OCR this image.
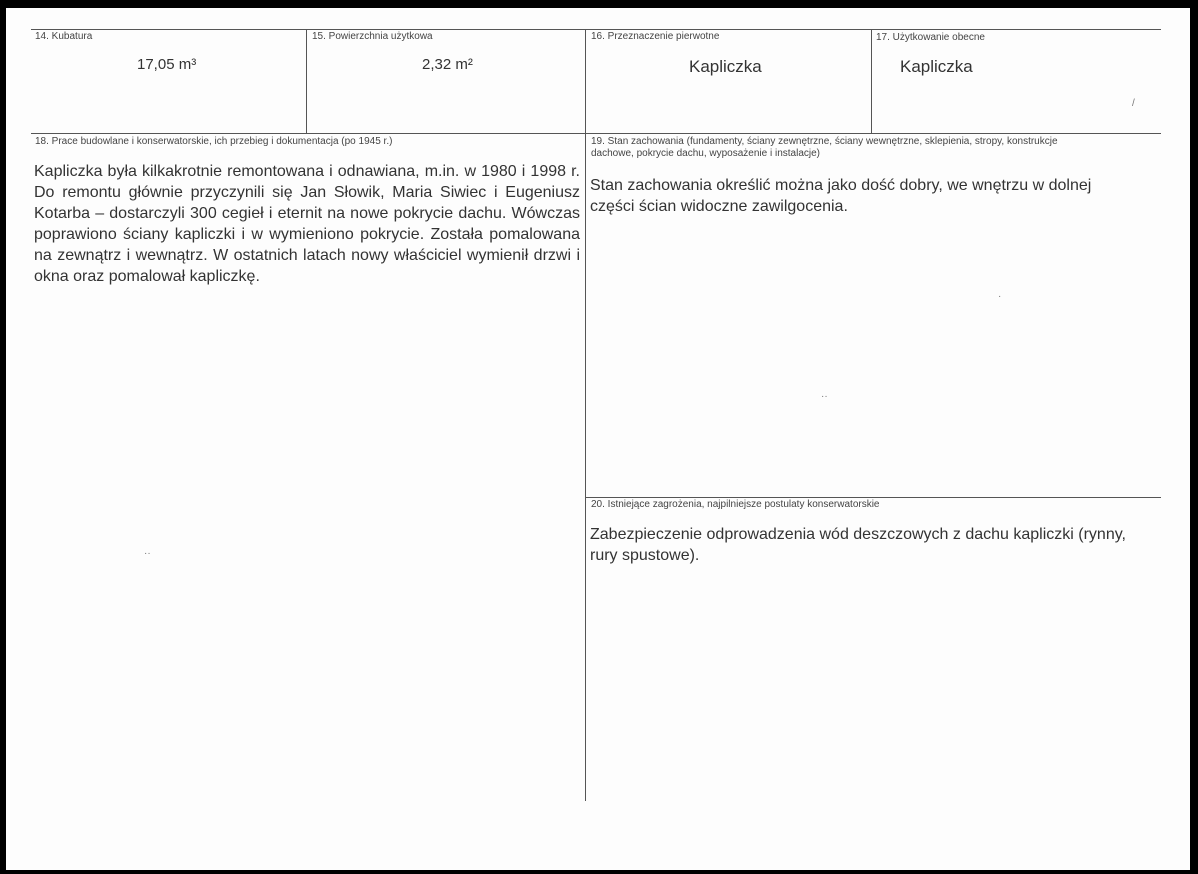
14. Kubatura
17,05 m³
15. Powierzchnia użytkowa
2,32 m²
16. Przeznaczenie pierwotne
Kapliczka
17. Użytkowanie obecne
Kapliczka
18. Prace budowlane i konserwatorskie, ich przebieg i dokumentacja (po 1945 r.)
Kapliczka była kilkakrotnie remontowana i odnawiana, m.in. w 1980 i 1998 r. Do remontu głównie przyczynili się Jan Słowik, Maria Siwiec i Eugeniusz Kotarba – dostarczyli 300 cegieł i eternit na nowe pokrycie dachu. Wówczas poprawiono ściany kapliczki i w wymieniono pokrycie. Została pomalowana na zewnątrz i wewnątrz. W ostatnich latach nowy właściciel wymienił drzwi i okna oraz pomalował kapliczkę.
19. Stan zachowania (fundamenty, ściany zewnętrzne, ściany wewnętrzne, sklepienia, stropy, konstrukcje dachowe, pokrycie dachu, wyposażenie i instalacje)
Stan zachowania określić można jako dość dobry, we wnętrzu w dolnej części ścian widoczne zawilgocenia.
20. Istniejące zagrożenia, najpilniejsze postulaty konserwatorskie
Zabezpieczenie odprowadzenia wód deszczowych z dachu kapliczki (rynny, rury spustowe).
/
·
··
··
